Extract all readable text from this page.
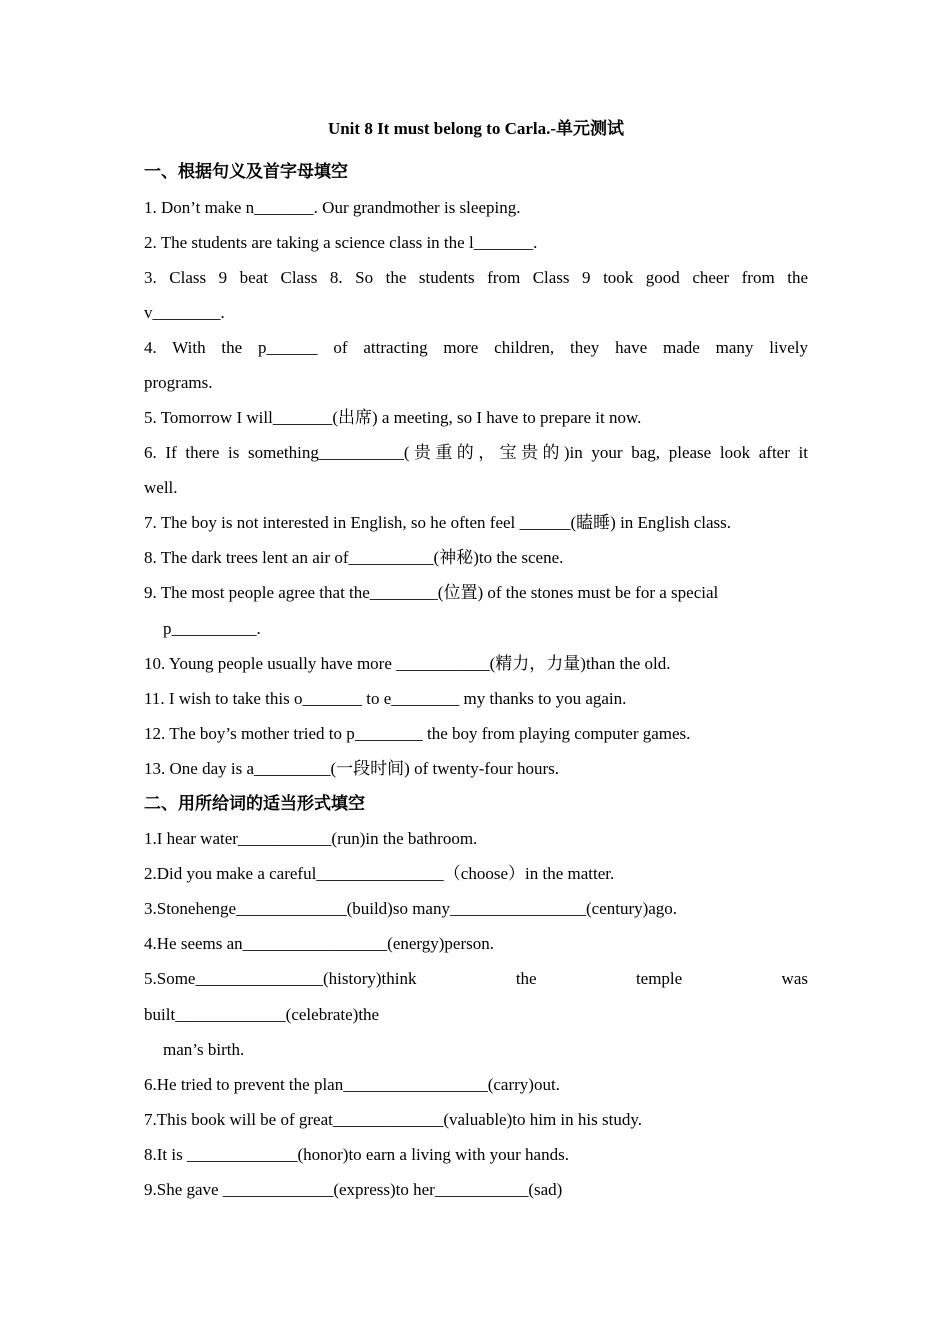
Unit 8 It must belong to Carla.-单元测试
一、根据句义及首字母填空
1. Don’t make n_______. Our grandmother is sleeping.
2. The students are taking a science class in the l_______.
3. Class 9 beat Class 8. So the students from Class 9 took good cheer from the
v________.
4. With the p______ of attracting more children, they have made many lively
programs.
5. Tomorrow I will_______(出席) a meeting, so I have to prepare it now.
6. If there is something__________(贵重的，宝贵的)in your bag, please look after it
well.
7. The boy is not interested in English, so he often feel ______(瞌睡) in English class.
8. The dark trees lent an air of__________(神秘)to the scene.
9. The most people agree that the________(位置) of the stones must be for a special
p__________.
10. Young people usually have more ___________(精力，力量)than the old.
11. I wish to take this o_______ to e________ my thanks to you again.
12. The boy’s mother tried to p________ the boy from playing computer games.
13. One day is a_________(一段时间) of twenty-four hours.
二、用所给词的适当形式填空
1.I hear water___________(run)in the bathroom.
2.Did you make a careful_______________（choose）in the matter.
3.Stonehenge_____________(build)so many________________(century)ago.
4.He seems an_________________(energy)person.
5.Some_______________(history)think the temple was
built_____________(celebrate)the
man’s birth.
6.He tried to prevent the plan_________________(carry)out.
7.This book will be of great_____________(valuable)to him in his study.
8.It is _____________(honor)to earn a living with your hands.
9.She gave _____________(express)to her___________(sad)
